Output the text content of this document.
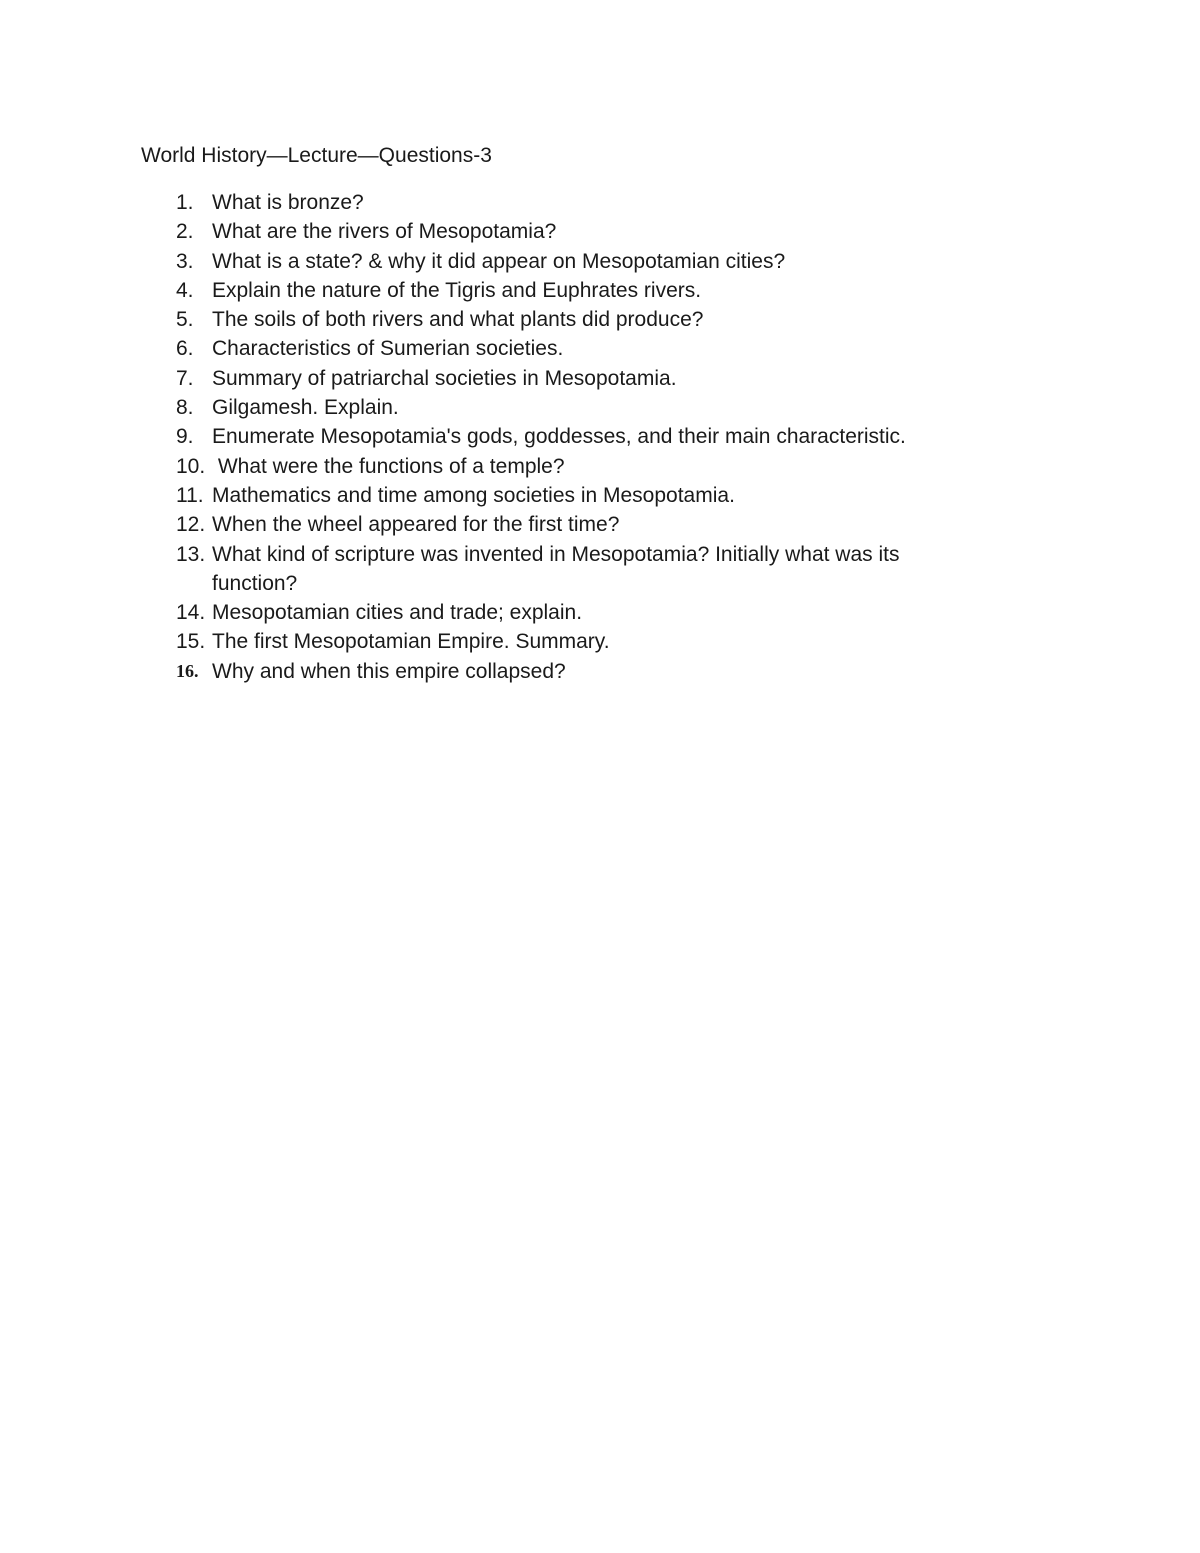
World History—Lecture—Questions-3
1. What is bronze?
2. What are the rivers of Mesopotamia?
3. What is a state? & why it did appear on Mesopotamian cities?
4. Explain the nature of the Tigris and Euphrates rivers.
5. The soils of both rivers and what plants did produce?
6. Characteristics of Sumerian societies.
7. Summary of patriarchal societies in Mesopotamia.
8. Gilgamesh. Explain.
9. Enumerate Mesopotamia's gods, goddesses, and their main characteristic.
10. What were the functions of a temple?
11. Mathematics and time among societies in Mesopotamia.
12. When the wheel appeared for the first time?
13. What kind of scripture was invented in Mesopotamia? Initially what was its function?
14. Mesopotamian cities and trade; explain.
15. The first Mesopotamian Empire. Summary.
16. Why and when this empire collapsed?
